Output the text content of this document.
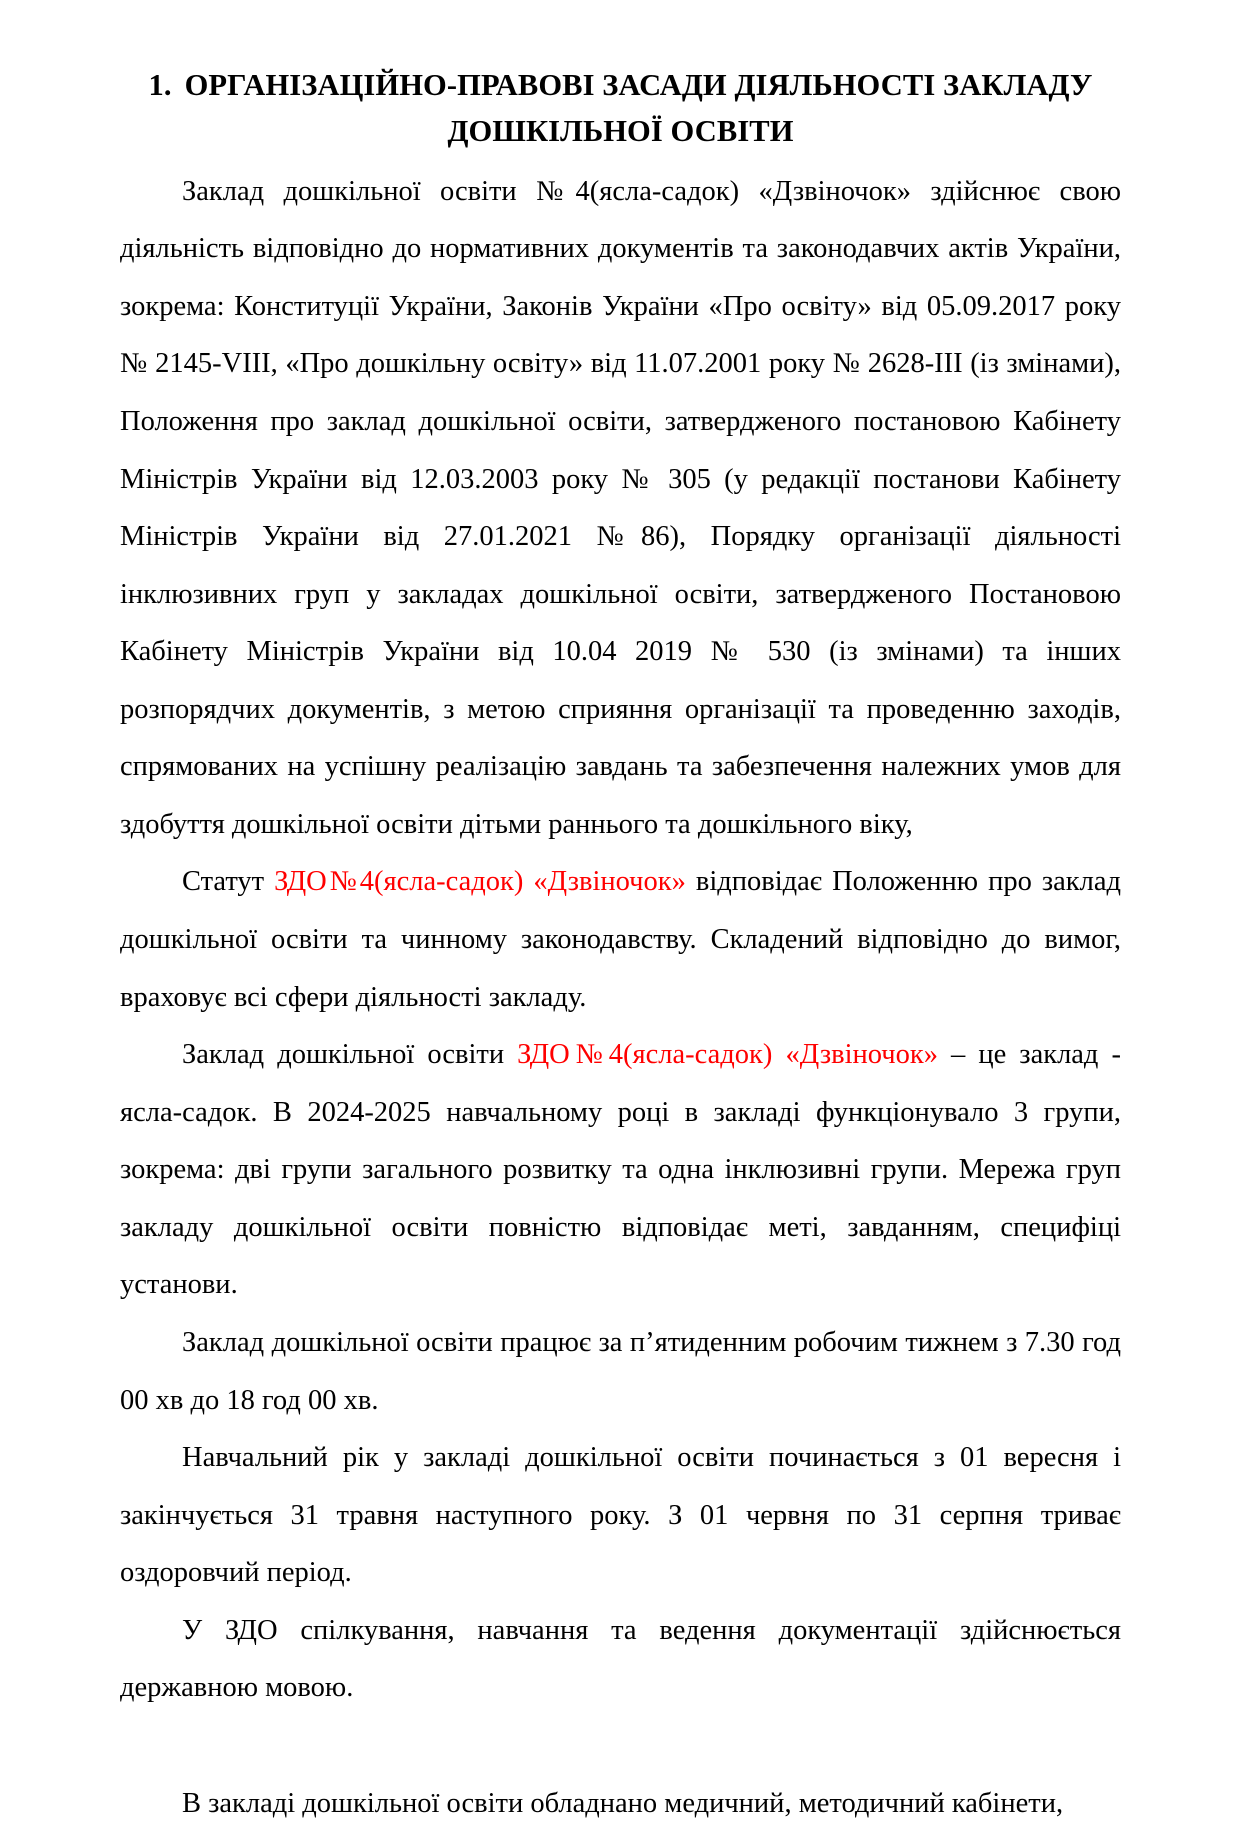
1. ОРГАНІЗАЦІЙНО-ПРАВОВІ ЗАСАДИ ДІЯЛЬНОСТІ ЗАКЛАДУ ДОШКІЛЬНОЇ ОСВІТИ

Заклад дошкільної освіти №4(ясла-садок) «Дзвіночок» здійснює свою діяльність відповідно до нормативних документів та законодавчих актів України, зокрема: Конституції України, Законів України «Про освіту» від 05.09.2017 року № 2145-VIII, «Про дошкільну освіту» від 11.07.2001 року № 2628-III (із змінами), Положення про заклад дошкільної освіти, затвердженого постановою Кабінету Міністрів України від 12.03.2003 року № 305 (у редакції постанови Кабінету Міністрів України від 27.01.2021 №86), Порядку організації діяльності інклюзивних груп у закладах дошкільної освіти, затвердженого Постановою Кабінету Міністрів України від 10.04 2019 № 530 (із змінами) та інших розпорядчих документів, з метою сприяння організації та проведенню заходів, спрямованих на успішну реалізацію завдань та забезпечення належних умов для здобуття дошкільної освіти дітьми раннього та дошкільного віку,

Статут ЗДО№4(ясла-садок) «Дзвіночок» відповідає Положенню про заклад дошкільної освіти та чинному законодавству. Складений відповідно до вимог, враховує всі сфери діяльності закладу.

Заклад дошкільної освіти ЗДО№4(ясла-садок) «Дзвіночок» – це заклад - ясла-садок. В 2024-2025 навчальному році в закладі функціонувало 3 групи, зокрема: дві групи загального розвитку та одна інклюзивні групи. Мережа груп закладу дошкільної освіти повністю відповідає меті, завданням, специфіці установи.

Заклад дошкільної освіти працює за п’ятиденним робочим тижнем з 7.30 год 00 хв до 18 год 00 хв.

Навчальний рік у закладі дошкільної освіти починається з 01 вересня і закінчується 31 травня наступного року. З 01 червня по 31 серпня триває оздоровчий період.

У ЗДО спілкування, навчання та ведення документації здійснюється державною мовою.

В закладі дошкільної освіти обладнано медичний, методичний кабінети,
